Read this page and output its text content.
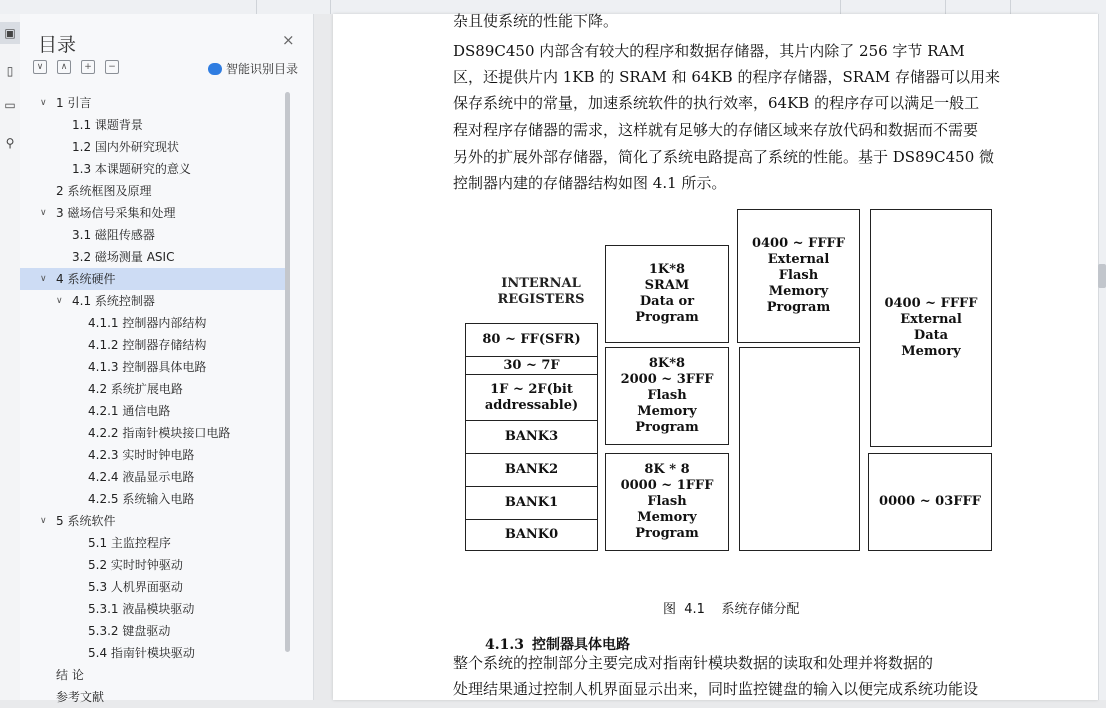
▣
▯
▭
⚲
目录	×
∨	∧	+	−	智能识别目录
∨ 1 引言
1.1 课题背景
1.2 国内外研究现状
1.3 本课题研究的意义
2 系统框图及原理
∨ 3 磁场信号采集和处理
3.1 磁阻传感器
3.2 磁场测量 ASIC
∨ 4 系统硬件
∨ 4.1 系统控制器
4.1.1 控制器内部结构
4.1.2 控制器存储结构
4.1.3 控制器具体电路
4.2 系统扩展电路
4.2.1 通信电路
4.2.2 指南针模块接口电路
4.2.3 实时时钟电路
4.2.4 液晶显示电路
4.2.5 系统输入电路
∨ 5 系统软件
5.1 主监控程序
5.2 实时时钟驱动
5.3 人机界面驱动
5.3.1 液晶模块驱动
5.3.2 键盘驱动
5.4 指南针模块驱动
结 论
参考文献
杂且使系统的性能下降。
DS89C450 内部含有较大的程序和数据存储器，其片内除了 256 字节 RAM
区，还提供片内 1KB 的 SRAM 和 64KB 的程序存储器，SRAM 存储器可以用来
保存系统中的常量，加速系统软件的执行效率，64KB 的程序存可以满足一般工
程对程序存储器的需求，这样就有足够大的存储区域来存放代码和数据而不需要
另外的扩展外部存储器，简化了系统电路提高了系统的性能。基于 DS89C450 微
控制器内建的存储器结构如图 4.1 所示。
INTERNAL
REGISTERS
80 ~ FF(SFR)
30 ~ 7F
1F ~ 2F(bit
addressable)
BANK3
BANK2
BANK1
BANK0
1K*8
SRAM
Data or
Program
8K*8
2000 ~ 3FFF
Flash
Memory
Program
8K * 8
0000 ~ 1FFF
Flash
Memory
Program
0400 ~ FFFF
External
Flash
Memory
Program	0400 ~ FFFF
External
Data
Memory
0000 ~ 03FFF
图  4.1    系统存储分配
4.1.3 控制器具体电路
整个系统的控制部分主要完成对指南针模块数据的读取和处理并将数据的
处理结果通过控制人机界面显示出来，同时监控键盘的输入以便完成系统功能设
